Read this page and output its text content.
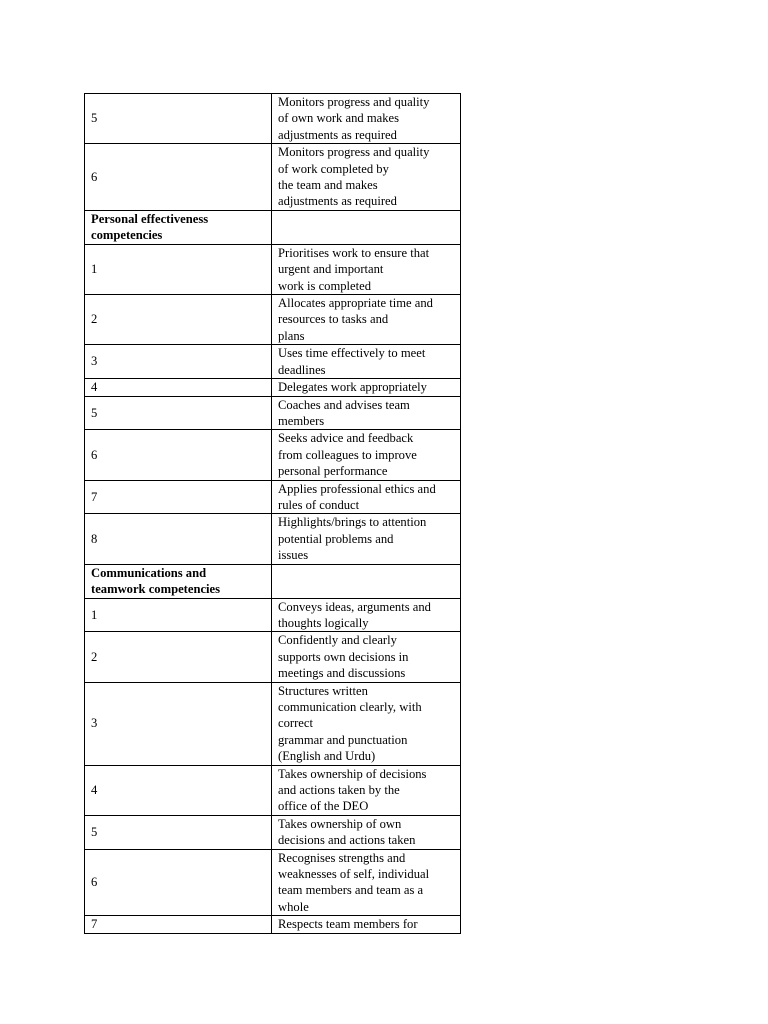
5	Monitors progress and quality
of own work and makes
adjustments as required
6	Monitors progress and quality
of work completed by
the team and makes
adjustments as required
Personal effectiveness
competencies	
1	Prioritises work to ensure that
urgent and important
work is completed
2	Allocates appropriate time and
resources to tasks and
plans
3	Uses time effectively to meet
deadlines
4	Delegates work appropriately
5	Coaches and advises team
members
6	Seeks advice and feedback
from colleagues to improve
personal performance
7	Applies professional ethics and
rules of conduct
8	Highlights/brings to attention
potential problems and
issues
Communications and
teamwork competencies	
1	Conveys ideas, arguments and
thoughts logically
2	Confidently and clearly
supports own decisions in
meetings and discussions
3	Structures written
communication clearly, with
correct
grammar and punctuation
(English and Urdu)
4	Takes ownership of decisions
and actions taken by the
office of the DEO
5	Takes ownership of own
decisions and actions taken
6	Recognises strengths and
weaknesses of self, individual
team members and team as a
whole
7	Respects team members for
